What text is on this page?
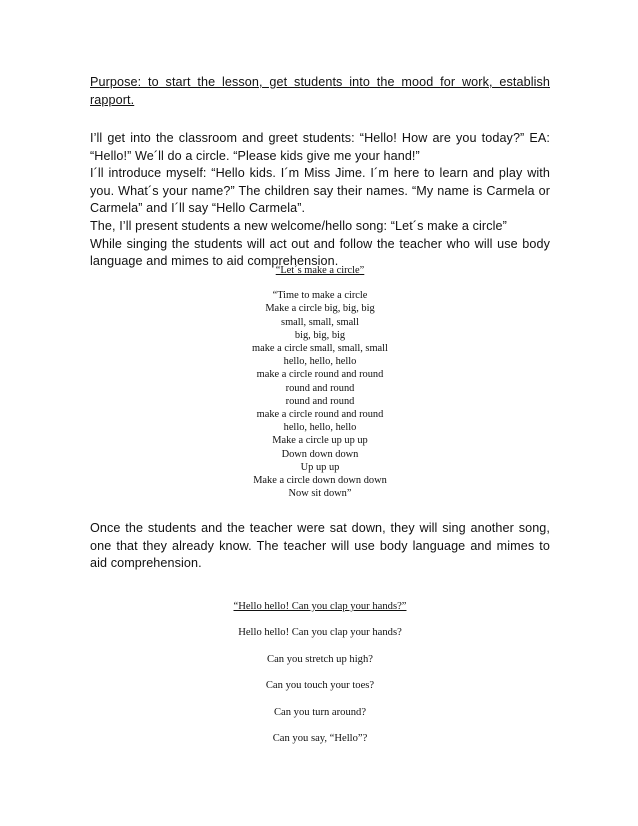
Purpose: to start the lesson, get students into the mood for work, establish rapport.

I’ll get into the classroom and greet students: “Hello! How are you today?” EA: “Hello!” We´ll do a circle. “Please kids give me your hand!”

I´ll introduce myself: “Hello kids. I´m Miss Jime. I´m here to learn and play with you. What´s your name?” The children say their names. “My name is Carmela or Carmela” and I´ll say “Hello Carmela”.

The, I’ll present students a new welcome/hello song: “Let´s make a circle”

While singing the students will act out and follow the teacher who will use body language and mimes to aid comprehension.

“Let´s make a circle”
“Time to make a circle
Make a circle big, big, big
small, small, small
big, big, big
make a circle small, small, small
hello, hello, hello
make a circle round and round
round and round
round and round
make a circle round and round
hello, hello, hello
Make a circle up up up
Down down down
Up up up
Make a circle down down down
Now sit down”
Once the students and the teacher were sat down, they will sing another song, one that they already know. The teacher will use body language and mimes to aid comprehension.
“Hello hello! Can you clap your hands?”
Hello hello! Can you clap your hands?
Can you stretch up high?
Can you touch your toes?
Can you turn around?
Can you say, “Hello”?
